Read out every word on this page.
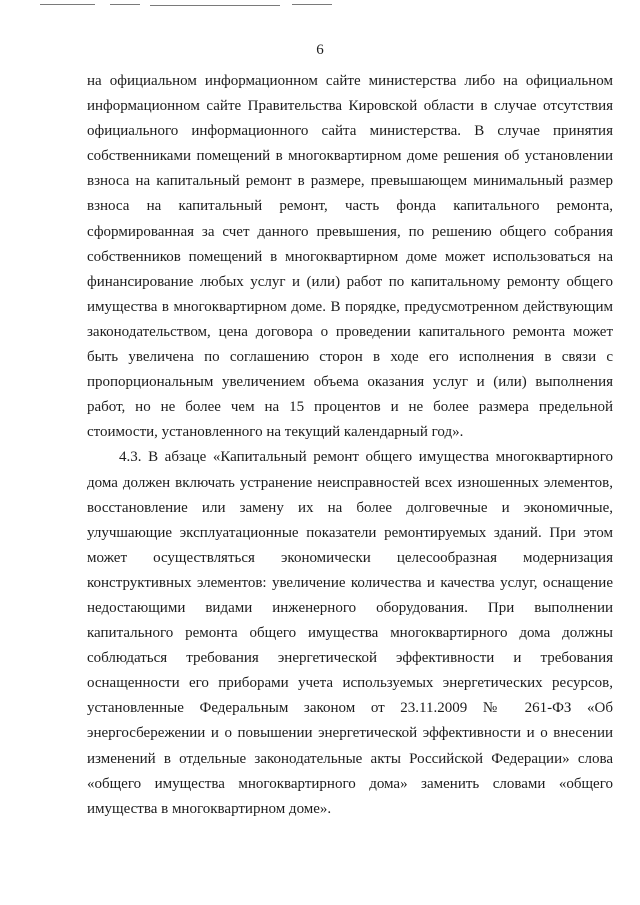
6

на официальном информационном сайте министерства либо на официальном информационном сайте Правительства Кировской области в случае отсутствия официального информационного сайта министерства. В случае принятия собственниками помещений в многоквартирном доме решения об установлении взноса на капитальный ремонт в размере, превышающем минимальный размер взноса на капитальный ремонт, часть фонда капитального ремонта, сформированная за счет данного превышения, по решению общего собрания собственников помещений в многоквартирном доме может использоваться на финансирование любых услуг и (или) работ по капитальному ремонту общего имущества в многоквартирном доме. В порядке, предусмотренном действующим законодательством, цена договора о проведении капитального ремонта может быть увеличена по соглашению сторон в ходе его исполнения в связи с пропорциональным увеличением объема оказания услуг и (или) выполнения работ, но не более чем на 15 процентов и не более размера предельной стоимости, установленного на текущий календарный год».

4.3. В абзаце «Капитальный ремонт общего имущества многоквартирного дома должен включать устранение неисправностей всех изношенных элементов, восстановление или замену их на более долговечные и экономичные, улучшающие эксплуатационные показатели ремонтируемых зданий. При этом может осуществляться экономически целесообразная модернизация конструктивных элементов: увеличение количества и качества услуг, оснащение недостающими видами инженерного оборудования. При выполнении капитального ремонта общего имущества многоквартирного дома должны соблюдаться требования энергетической эффективности и требования оснащенности его приборами учета используемых энергетических ресурсов, установленные Федеральным законом от 23.11.2009 № 261-ФЗ «Об энергосбережении и о повышении энергетической эффективности и о внесении изменений в отдельные законодательные акты Российской Федерации» слова «общего имущества многоквартирного дома» заменить словами «общего имущества в многоквартирном доме».
